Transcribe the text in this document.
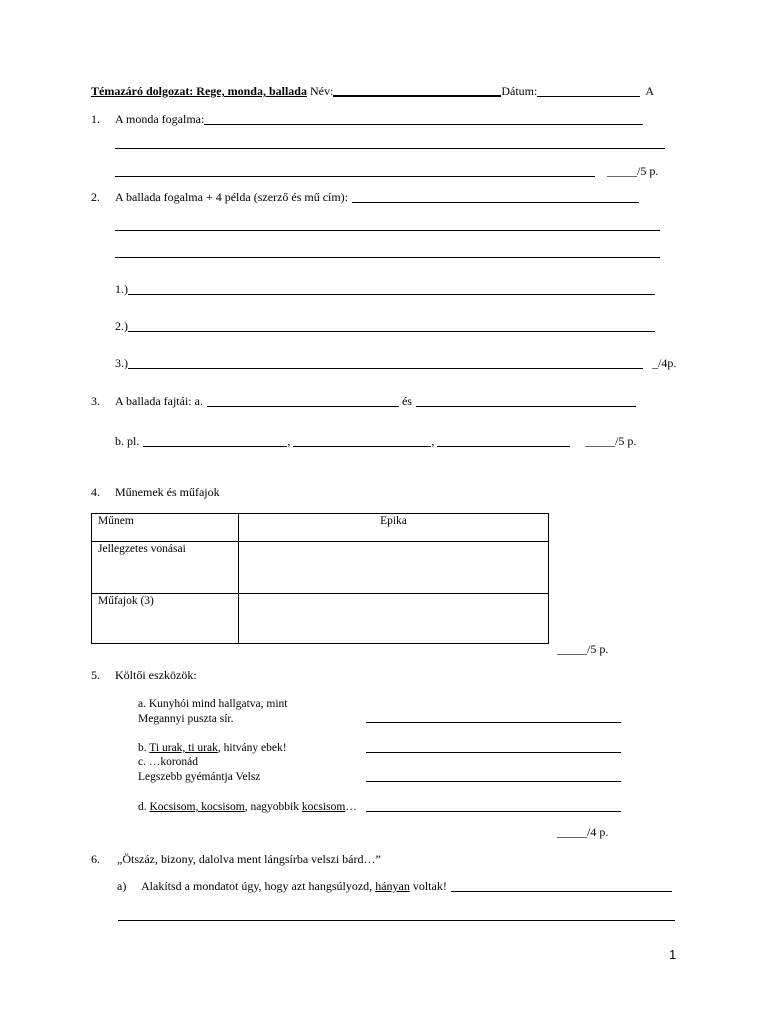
Témazáró dolgozat: Rege, monda, ballada Név:	Dátum:	A
1. A monda fogalma:
_____/5 p.
2. A ballada fogalma + 4 példa (szerző és mű cím):
1.)
2.)
3.)	_/4p.
3. A ballada fajtái: a.	és
b. pl.	,	,	_____/5 p.
4. Műnemek és műfajok
Műnem	Epika
Jellegzetes vonásai	
Műfajok (3)	
_____/5 p.
5. Költői eszközök:
a. Kunyhói mind hallgatva, mint
Megannyi puszta sír.
b. Ti urak, ti urak, hitvány ebek!
c. …koronád
Legszebb gyémántja Velsz
d. Kocsisom, kocsisom, nagyobbik kocsisom…
_____/4 p.
6. „Ötszáz, bizony, dalolva ment lángsírba velszi bárd…”
a)	Alakítsd a mondatot úgy, hogy azt hangsúlyozd, hányan voltak!
1
